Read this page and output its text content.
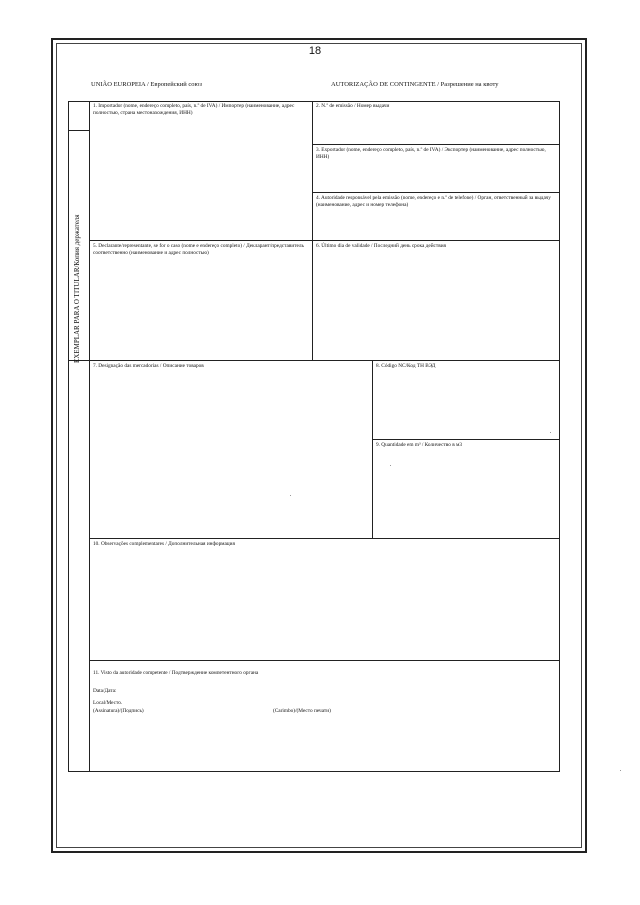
18
UNIÃO EUROPEIA / Европейский союз	AUTORIZAÇÃO DE CONTINGENTE / Разрешение на квоту
EXEMPLAR PARA O TITULAR/Копия держателя
1. Importador (nome, endereço completo, país, n.º de IVA) / Импортер (наименование, адрес полностью, страна местонахождения, ИНН)
2. N.º de emissão / Номер выдачи
3. Exportador (nome, endereço completo, país, n.º de IVA) / Экспортер (наименование, адрес полностью, ИНН)
4. Autoridade responsável pela emissão (nome, endereço e n.º de telefone) / Орган, ответственный за выдачу (наименование, адрес и номер телефона)
5. Declarante/representante, se for o caso (nome e endereço completo) / Декларант/представитель соответственно (наименование и адрес полностью)
6. Último dia de validade / Последний день срока действия
7. Designação das mercadorias / Описание товаров	8. Código NC/Код ТН ВЭД
9. Quantidade em m³ / Количество в м3
10. Observações complementares / Дополнительная информация
11. Visto da autoridade competente / Подтверждение компетентного органа
Data/Дата:
Local/Место.
(Assinatura)/(Подпись)	(Carimbo)/(Место печати)
